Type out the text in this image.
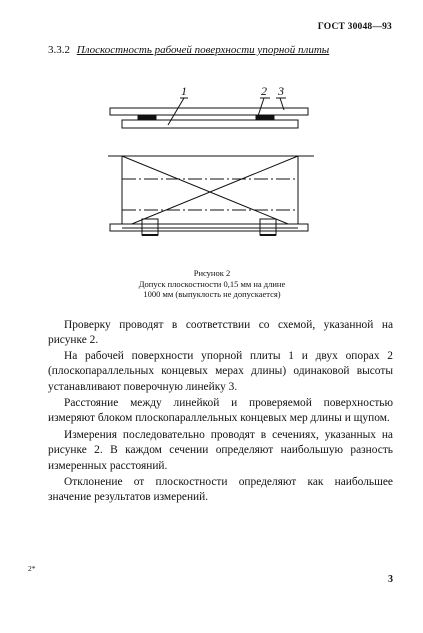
ГОСТ 30048—93
3.3.2 Плоскостность рабочей поверхности упорной плиты
1	2 3
Рисунок 2
Допуск плоскостности 0,15 мм на длине
1000 мм (выпуклость не допускается)

Проверку проводят в соответствии со схемой, указанной на рисунке 2.

На рабочей поверхности упорной плиты 1 и двух опорах 2 (плоскопараллельных концевых мерах длины) одинаковой высоты устанавливают поверочную линейку 3.

Расстояние между линейкой и проверяемой поверхностью измеряют блоком плоскопараллельных концевых мер длины и щупом.

Измерения последовательно проводят в сечениях, указанных на рисунке 2. В каждом сечении определяют наибольшую разность измеренных расстояний.

Отклонение от плоскостности определяют как наибольшее значение результатов измерений.

2*
3
